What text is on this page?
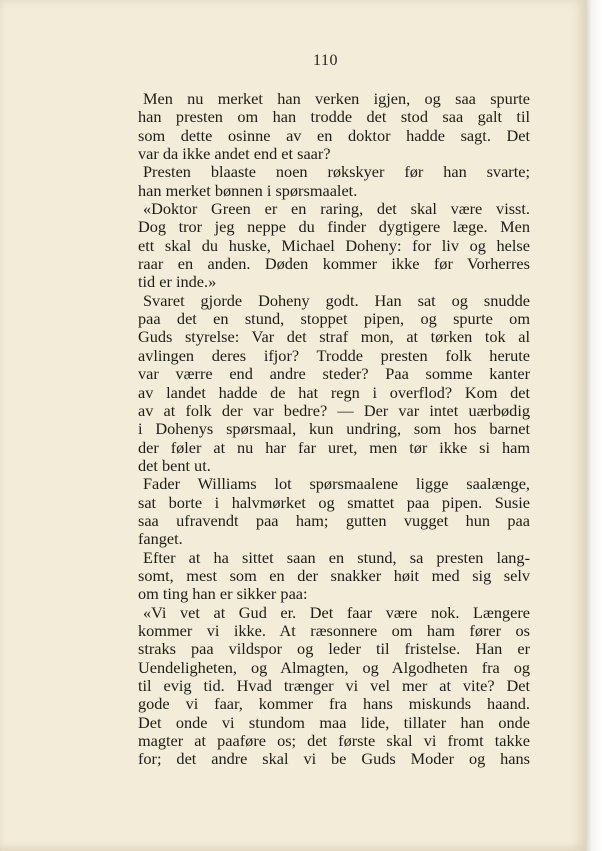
110

Men nu merket han verken igjen, og saa spurte

han presten om han trodde det stod saa galt til

som dette osinne av en doktor hadde sagt. Det

var da ikke andet end et saar?

Presten blaaste noen røkskyer før han svarte;

han merket bønnen i spørsmaalet.

«Doktor Green er en raring, det skal være visst.

Dog tror jeg neppe du finder dygtigere læge. Men

ett skal du huske, Michael Doheny: for liv og helse

raar en anden. Døden kommer ikke før Vorherres

tid er inde.»

Svaret gjorde Doheny godt. Han sat og snudde

paa det en stund, stoppet pipen, og spurte om

Guds styrelse: Var det straf mon, at tørken tok al

avlingen deres ifjor? Trodde presten folk herute

var værre end andre steder? Paa somme kanter

av landet hadde de hat regn i overflod? Kom det

av at folk der var bedre? — Der var intet uærbødig

i Dohenys spørsmaal, kun undring, som hos barnet

der føler at nu har far uret, men tør ikke si ham

det bent ut.

Fader Williams lot spørsmaalene ligge saalænge,

sat borte i halvmørket og smattet paa pipen. Susie

saa ufravendt paa ham; gutten vugget hun paa

fanget.

Efter at ha sittet saan en stund, sa presten lang-

somt, mest som en der snakker høit med sig selv

om ting han er sikker paa:

«Vi vet at Gud er. Det faar være nok. Længere

kommer vi ikke. At ræsonnere om ham fører os

straks paa vildspor og leder til fristelse. Han er

Uendeligheten, og Almagten, og Algodheten fra og

til evig tid. Hvad trænger vi vel mer at vite? Det

gode vi faar, kommer fra hans miskunds haand.

Det onde vi stundom maa lide, tillater han onde

magter at paaføre os; det første skal vi fromt takke

for; det andre skal vi be Guds Moder og hans
